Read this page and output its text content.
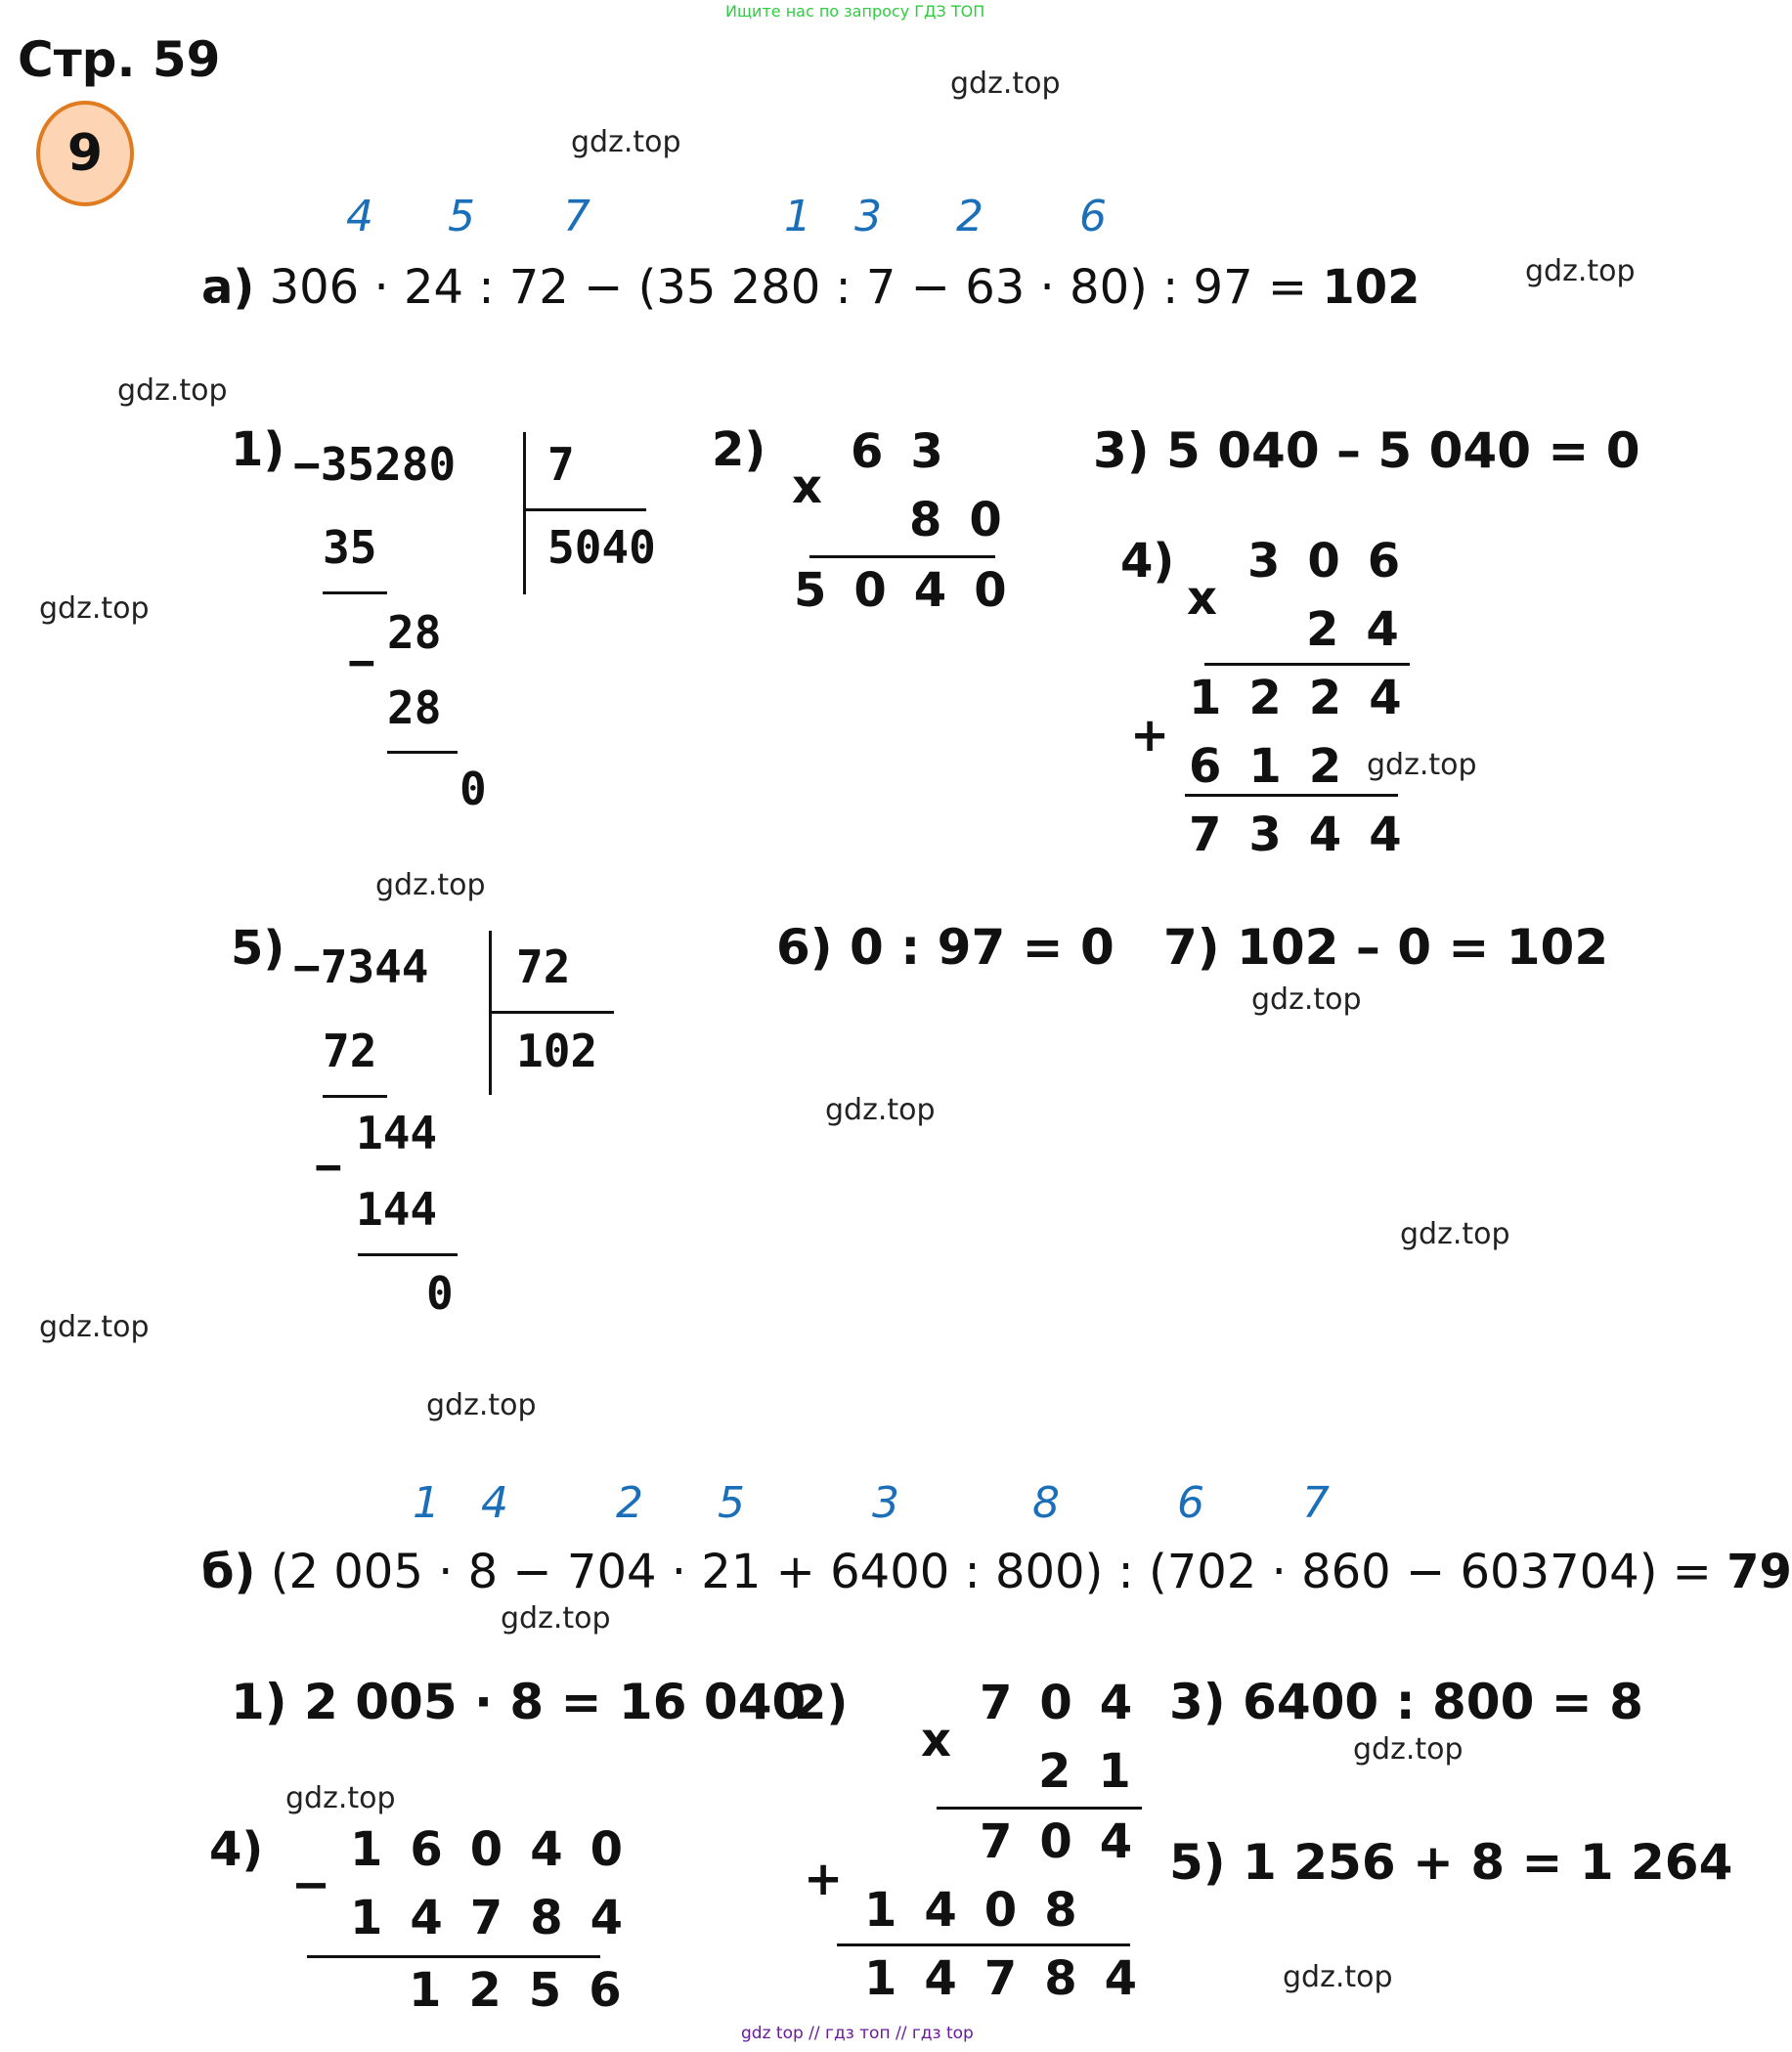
Ищите нас по запросу ГДЗ ТОП
Стр. 59
9
gdz.top
gdz.top
gdz.top
gdz.top
gdz.top
gdz.top
gdz.top
gdz.top
gdz.top
gdz.top
gdz.top
gdz.top
gdz.top
gdz.top
gdz.top
gdz.top
4 5 7	1 3 2 6
а) 306 · 24 : 72 − (35 280 : 7 − 63 · 80) : 97 = 102
1) −35280 7
5040
35
28
−
28
0
2)
x
63
80
5040
3) 5 040 – 5 040 = 0
4)
x
306
24
1224
+
612
7344
5) −7344 72
102
72
144
−
144
0
6) 0 : 97 = 0 7) 102 – 0 = 102
1 4	2 5	3	8	6 7
б) (2 005 · 8 − 704 · 21 + 6400 : 800) : (702 · 860 − 603704) = 79
1) 2 005 · 8 = 16 040
2)
x
704
21
704
+
1408
14784
3) 6400 : 800 = 8
4) 16040
−
14784
1256
5) 1 256 + 8 = 1 264
gdz top // гдз топ // гдз top
